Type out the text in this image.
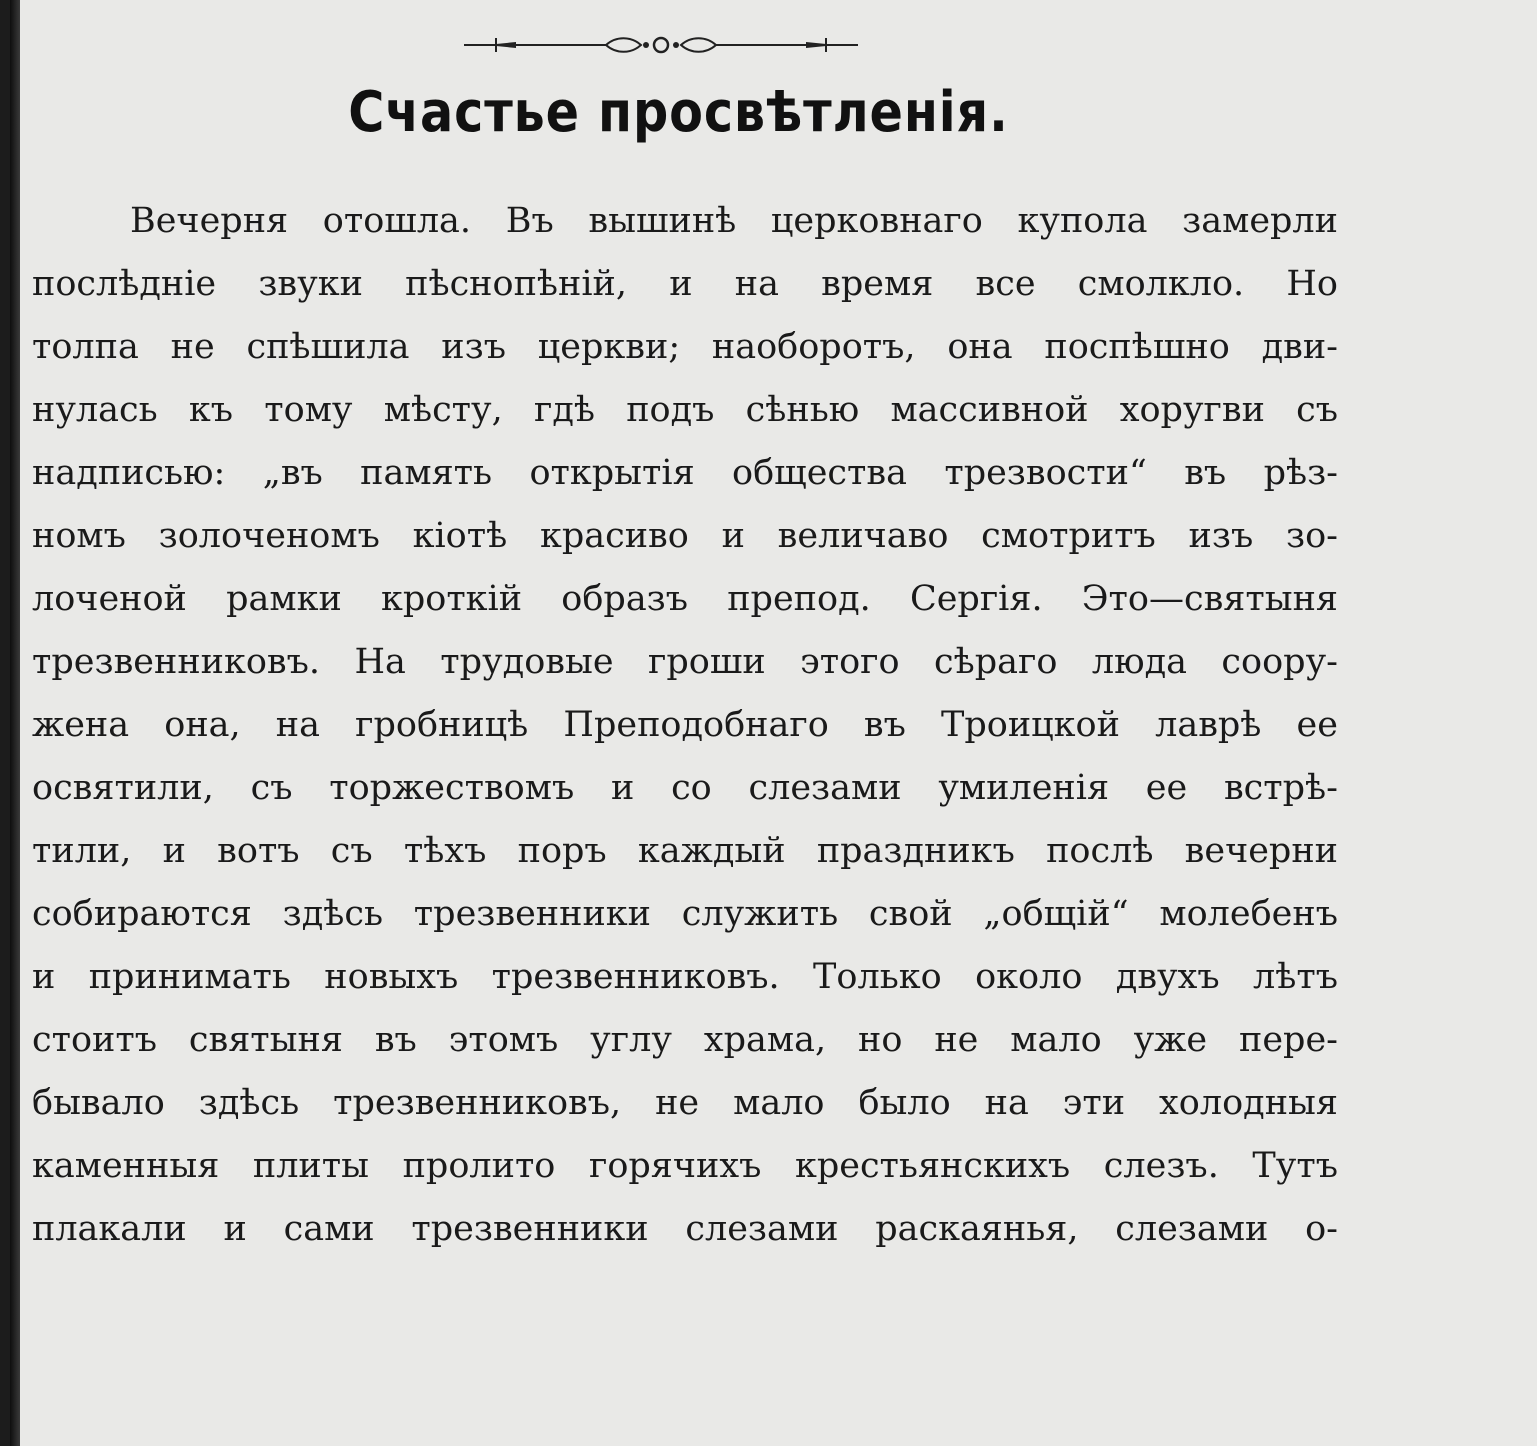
Счастье просвѣтленія.
Вечерня отошла. Въ вышинѣ церковнаго купола замерли
послѣдніе звуки пѣснопѣній, и на время все смолкло. Но
толпа не спѣшила изъ церкви; наоборотъ, она поспѣшно дви-
нулась къ тому мѣсту, гдѣ подъ сѣнью массивной хоругви съ
надписью: „въ память открытія общества трезвости“ въ рѣз-
номъ золоченомъ кіотѣ красиво и величаво смотритъ изъ зо-
лоченой рамки кроткій образъ препод. Сергія. Это—святыня
трезвенниковъ. На трудовые гроши этого сѣраго люда соору-
жена она, на гробницѣ Преподобнаго въ Троицкой лаврѣ ее
освятили, съ торжествомъ и со слезами умиленія ее встрѣ-
тили, и вотъ съ тѣхъ поръ каждый праздникъ послѣ вечерни
собираются здѣсь трезвенники служить свой „общій“ молебенъ
и принимать новыхъ трезвенниковъ. Только около двухъ лѣтъ
стоитъ святыня въ этомъ углу храма, но не мало уже пере-
бывало здѣсь трезвенниковъ, не мало было на эти холодныя
каменныя плиты пролито горячихъ крестьянскихъ слезъ. Тутъ
плакали и сами трезвенники слезами раскаянья, слезами о-
